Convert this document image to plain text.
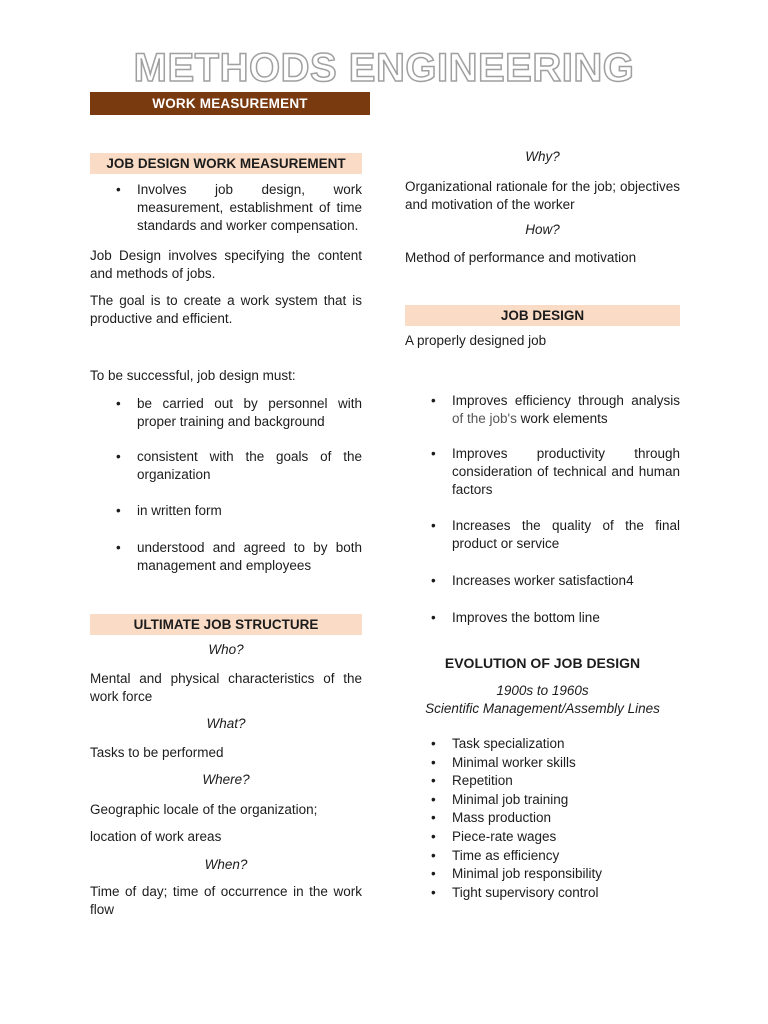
METHODS ENGINEERING
WORK MEASUREMENT
JOB DESIGN WORK MEASUREMENT
• Involves job design, work measurement, establishment of time standards and worker compensation.

Job Design involves specifying the content and methods of jobs.

The goal is to create a work system that is productive and efficient.

To be successful, job design must:

• be carried out by personnel with proper training and background
• consistent with the goals of the organization
• in written form
• understood and agreed to by both management and employees
ULTIMATE JOB STRUCTURE

Who?

Mental and physical characteristics of the work force

What?

Tasks to be performed

Where?

Geographic locale of the organization;

location of work areas

When?

Time of day; time of occurrence in the work flow

Why?

Organizational rationale for the job; objectives and motivation of the worker

How?

Method of performance and motivation

JOB DESIGN

A properly designed job

• Improves efficiency through analysis of the job's work elements
• Improves productivity through consideration of technical and human factors
• Increases the quality of the final product or service
• Increases worker satisfaction4
• Improves the bottom line
EVOLUTION OF JOB DESIGN

1900s to 1960s

Scientific Management/Assembly Lines

• Task specialization
• Minimal worker skills
• Repetition
• Minimal job training
• Mass production
• Piece-rate wages
• Time as efficiency
• Minimal job responsibility
• Tight supervisory control
